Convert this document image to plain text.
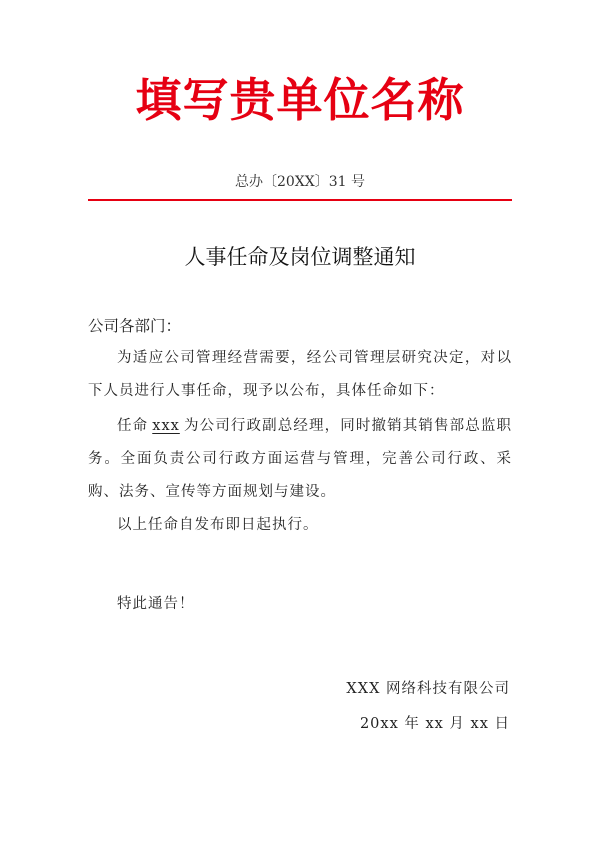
填写贵单位名称
总办〔20XX〕31 号
人事任命及岗位调整通知
公司各部门：
为适应公司管理经营需要，经公司管理层研究决定，对以下人员进行人事任命，现予以公布，具体任命如下：
任命 xxx 为公司行政副总经理，同时撤销其销售部总监职务。全面负责公司行政方面运营与管理，完善公司行政、采购、法务、宣传等方面规划与建设。
以上任命自发布即日起执行。
特此通告！
XXX 网络科技有限公司
20xx 年 xx 月 xx 日
